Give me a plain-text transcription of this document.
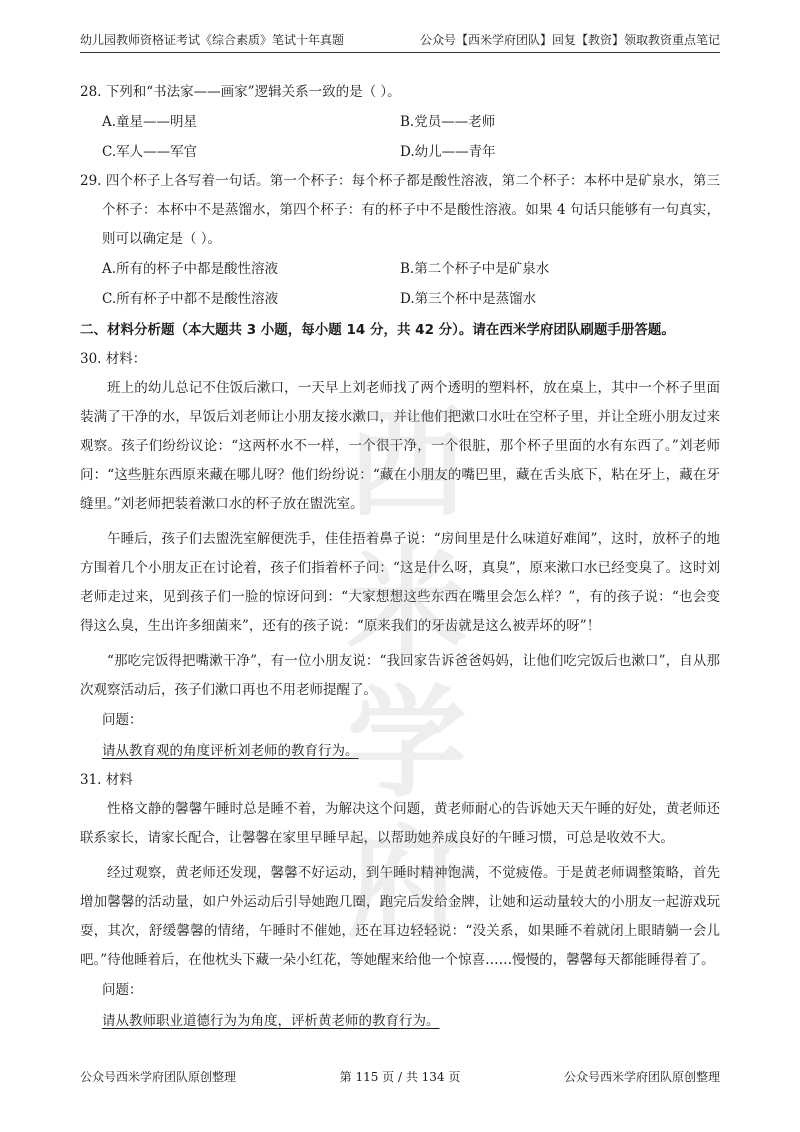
幼儿园教师资格证考试《综合素质》笔试十年真题	公众号【西米学府团队】回复【教资】领取教资重点笔记

28. 下列和“书法家——画家”逻辑关系一致的是（ ）。

A.童星——明星	B.党员——老师
C.军人——军官	D.幼儿——青年

29. 四个杯子上各写着一句话。第一个杯子：每个杯子都是酸性溶液，第二个杯子：本杯中是矿泉水，第三个杯子：本杯中不是蒸馏水，第四个杯子：有的杯子中不是酸性溶液。如果 4 句话只能够有一句真实，则可以确定是（ ）。

A.所有的杯子中都是酸性溶液	B.第二个杯子中是矿泉水
C.所有杯子中都不是酸性溶液	D.第三个杯中是蒸馏水

二、材料分析题（本大题共 3 小题，每小题 14 分，共 42 分）。请在西米学府团队刷题手册答题。

30. 材料：

班上的幼儿总记不住饭后漱口，一天早上刘老师找了两个透明的塑料杯，放在桌上，其中一个杯子里面装满了干净的水，早饭后刘老师让小朋友接水漱口，并让他们把漱口水吐在空杯子里，并让全班小朋友过来观察。孩子们纷纷议论：“这两杯水不一样，一个很干净，一个很脏，那个杯子里面的水有东西了。”刘老师问：“这些脏东西原来藏在哪儿呀？他们纷纷说：“藏在小朋友的嘴巴里，藏在舌头底下，粘在牙上，藏在牙缝里。”刘老师把装着漱口水的杯子放在盥洗室。

午睡后，孩子们去盥洗室解便洗手，佳佳捂着鼻子说：“房间里是什么味道好难闻”，这时，放杯子的地方围着几个小朋友正在讨论着，孩子们指着杯子问：“这是什么呀，真臭”，原来漱口水已经变臭了。这时刘老师走过来，见到孩子们一脸的惊讶问到：“大家想想这些东西在嘴里会怎么样？”，有的孩子说：“也会变得这么臭，生出许多细菌来”，还有的孩子说：“原来我们的牙齿就是这么被弄坏的呀”！

“那吃完饭得把嘴漱干净”，有一位小朋友说：“我回家告诉爸爸妈妈，让他们吃完饭后也漱口”，自从那次观察活动后，孩子们漱口再也不用老师提醒了。

问题：

请从教育观的角度评析刘老师的教育行为。

31. 材料

性格文静的馨馨午睡时总是睡不着，为解决这个问题，黄老师耐心的告诉她天天午睡的好处，黄老师还联系家长，请家长配合，让馨馨在家里早睡早起，以帮助她养成良好的午睡习惯，可总是收效不大。

经过观察，黄老师还发现，馨馨不好运动，到午睡时精神饱满，不觉疲倦。于是黄老师调整策略，首先增加馨馨的活动量，如户外运动后引导她跑几圈，跑完后发给金牌，让她和运动量较大的小朋友一起游戏玩耍，其次，舒缓馨馨的情绪，午睡时不催她，还在耳边轻轻说：“没关系，如果睡不着就闭上眼睛躺一会儿吧。”待他睡着后，在他枕头下藏一朵小红花，等她醒来给他一个惊喜……慢慢的，馨馨每天都能睡得着了。

问题：

请从教师职业道德行为为角度，评析黄老师的教育行为。

西
米
学
府
公众号西米学府团队原创整理	第 115 页 / 共 134 页	公众号西米学府团队原创整理
